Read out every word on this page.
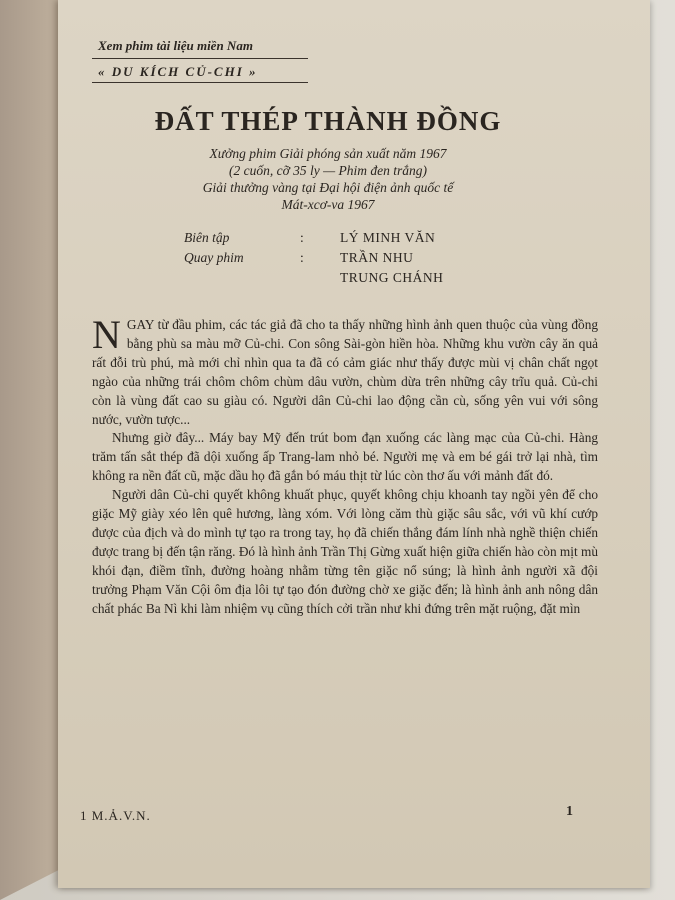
Xem phim tài liệu miền Nam
« DU KÍCH CỦ-CHI »
ĐẤT THÉP THÀNH ĐỒNG
Xưởng phim Giải phóng sản xuất năm 1967
(2 cuốn, cỡ 35 ly — Phim đen trắng)
Giải thưởng vàng tại Đại hội điện ảnh quốc tế
Mát-xcơ-va 1967
Biên tập	:	LÝ MINH VĂN
Quay phim	:	TRẦN NHU
TRUNG CHÁNH

NGAY từ đầu phim, các tác giả đã cho ta thấy những hình ảnh quen thuộc của vùng đồng bằng phù sa màu mỡ Củ-chi. Con sông Sài-gòn hiền hòa. Những khu vườn cây ăn quả rất đỗi trù phú, mà mới chỉ nhìn qua ta đã có cảm giác như thấy được mùi vị chân chất ngọt ngào của những trái chôm chôm chùm dâu vườn, chùm dừa trên những cây trĩu quả. Củ-chi còn là vùng đất cao su giàu có. Người dân Củ-chi lao động cần cù, sống yên vui với sông nước, vườn tược...

Nhưng giờ đây... Máy bay Mỹ đến trút bom đạn xuống các làng mạc của Củ-chi. Hàng trăm tấn sắt thép đã dội xuống ấp Trang-lam nhỏ bé. Người mẹ và em bé gái trở lại nhà, tìm không ra nền đất cũ, mặc dầu họ đã gắn bó máu thịt từ lúc còn thơ ấu với mảnh đất đó.

Người dân Củ-chi quyết không khuất phục, quyết không chịu khoanh tay ngồi yên để cho giặc Mỹ giày xéo lên quê hương, làng xóm. Với lòng căm thù giặc sâu sắc, với vũ khí cướp được của địch và do mình tự tạo ra trong tay, họ đã chiến thắng đám lính nhà nghề thiện chiến được trang bị đến tận răng. Đó là hình ảnh Trần Thị Gừng xuất hiện giữa chiến hào còn mịt mù khói đạn, điềm tĩnh, đường hoàng nhằm từng tên giặc nổ súng; là hình ảnh người xã đội trưởng Phạm Văn Cội ôm địa lôi tự tạo đón đường chờ xe giặc đến; là hình ảnh anh nông dân chất phác Ba Nì khi làm nhiệm vụ cũng thích cởi trần như khi đứng trên mặt ruộng, đặt mìn

1 M.Ả.V.N.	1
